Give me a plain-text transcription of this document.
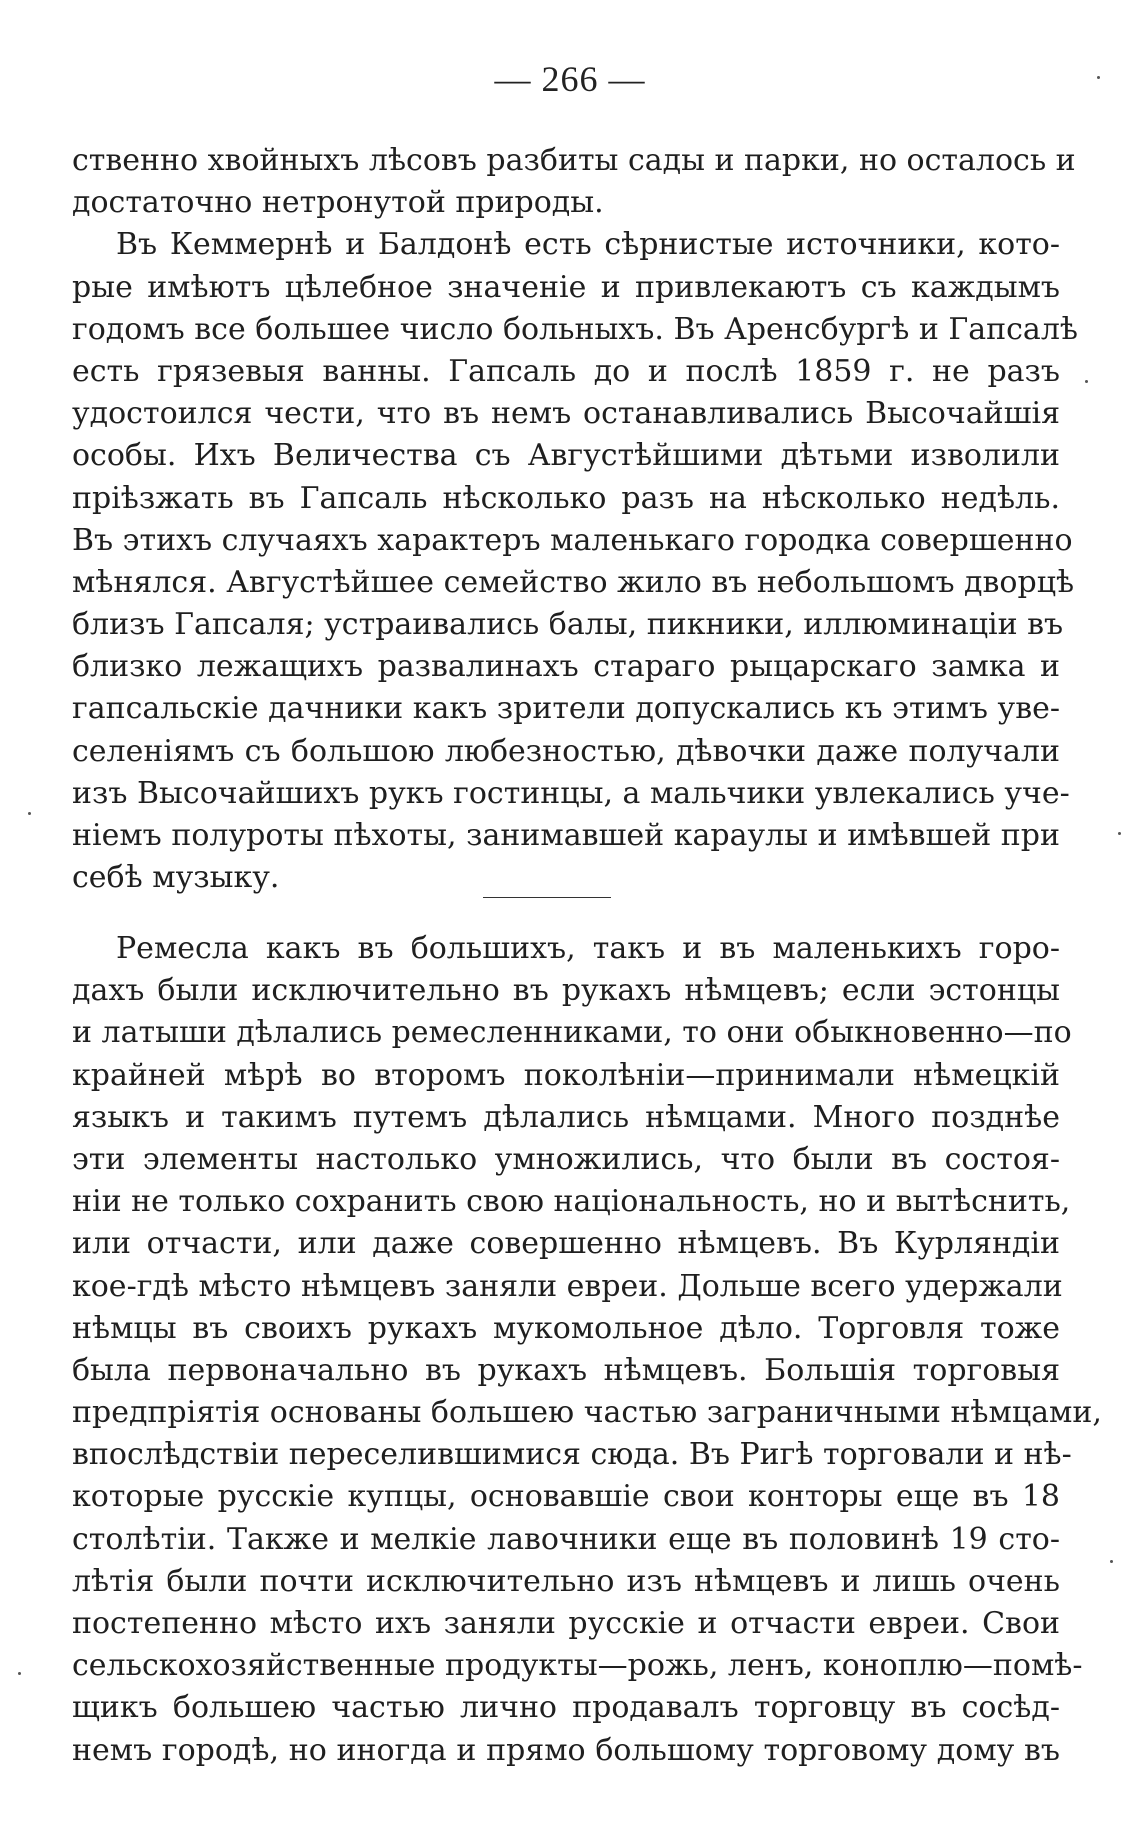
— 266 —
ственно хвойныхъ лѣсовъ разбиты сады и парки, но осталось и
достаточно нетронутой природы.
Въ Кеммернѣ и Балдонѣ есть сѣрнистые источники, кото-
рые имѣютъ цѣлебное значеніе и привлекаютъ съ каждымъ
годомъ все большее число больныхъ. Въ Аренсбургѣ и Гапсалѣ
есть грязевыя ванны. Гапсаль до и послѣ 1859 г. не разъ
удостоился чести, что въ немъ останавливались Высочайшія
особы. Ихъ Величества съ Августѣйшими дѣтьми изволили
пріѣзжать въ Гапсаль нѣсколько разъ на нѣсколько недѣль.
Въ этихъ случаяхъ характеръ маленькаго городка совершенно
мѣнялся. Августѣйшее семейство жило въ небольшомъ дворцѣ
близъ Гапсаля; устраивались балы, пикники, иллюминаціи въ
близко лежащихъ развалинахъ стараго рыцарскаго замка и
гапсальскіе дачники какъ зрители допускались къ этимъ уве-
селеніямъ съ большою любезностью, дѣвочки даже получали
изъ Высочайшихъ рукъ гостинцы, а мальчики увлекались уче-
ніемъ полуроты пѣхоты, занимавшей караулы и имѣвшей при
себѣ музыку.
Ремесла какъ въ большихъ, такъ и въ маленькихъ горо-
дахъ были исключительно въ рукахъ нѣмцевъ; если эстонцы
и латыши дѣлались ремесленниками, то они обыкновенно—по
крайней мѣрѣ во второмъ поколѣніи—принимали нѣмецкій
языкъ и такимъ путемъ дѣлались нѣмцами. Много позднѣе
эти элементы настолько умножились, что были въ состоя-
ніи не только сохранить свою національность, но и вытѣснить,
или отчасти, или даже совершенно нѣмцевъ. Въ Курляндіи
кое-гдѣ мѣсто нѣмцевъ заняли евреи. Дольше всего удержали
нѣмцы въ своихъ рукахъ мукомольное дѣло. Торговля тоже
была первоначально въ рукахъ нѣмцевъ. Большія торговыя
предпріятія основаны большею частью заграничными нѣмцами,
впослѣдствіи переселившимися сюда. Въ Ригѣ торговали и нѣ-
которые русскіе купцы, основавшіе свои конторы еще въ 18
столѣтіи. Также и мелкіе лавочники еще въ половинѣ 19 сто-
лѣтія были почти исключительно изъ нѣмцевъ и лишь очень
постепенно мѣсто ихъ заняли русскіе и отчасти евреи. Свои
сельскохозяйственные продукты—рожь, ленъ, коноплю—помѣ-
щикъ большею частью лично продавалъ торговцу въ сосѣд-
немъ городѣ, но иногда и прямо большому торговому дому въ
